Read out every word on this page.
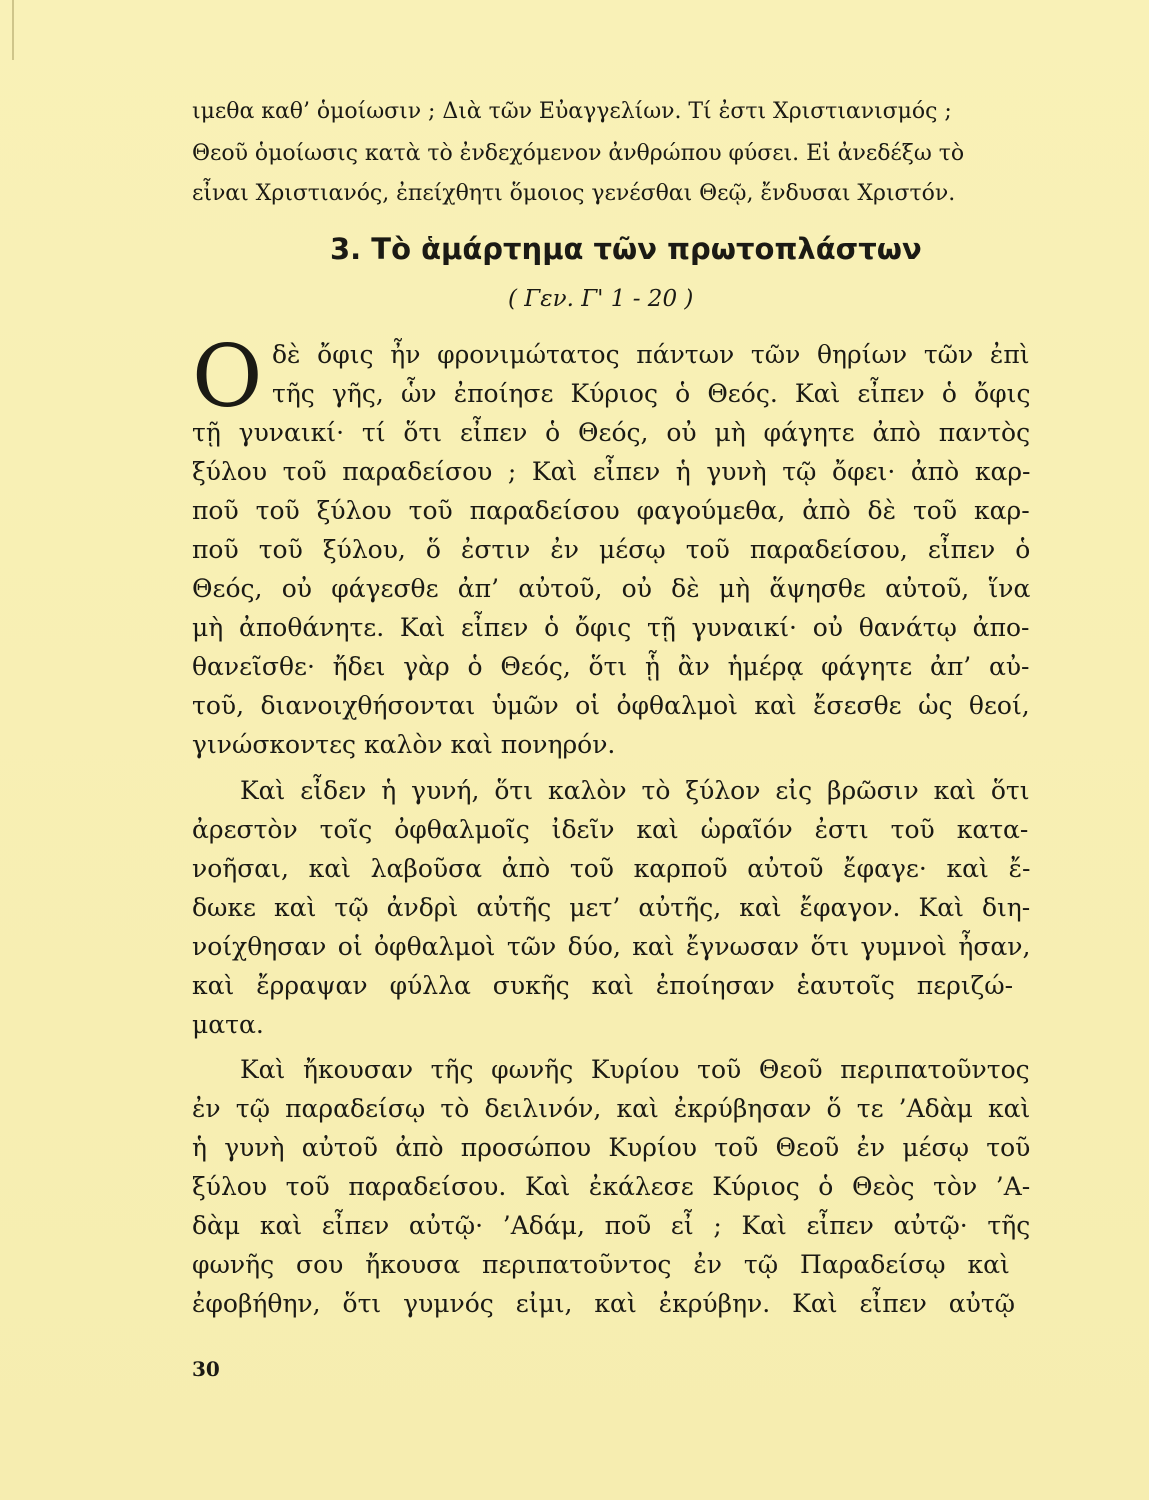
ιμεθα καθ’ ὁμοίωσιν ; Διὰ τῶν Εὐαγγελίων. Τί ἐστι Χριστιανισμός ;
Θεοῦ ὁμοίωσις κατὰ τὸ ἐνδεχόμενον ἀνθρώπου φύσει. Εἰ ἀνεδέξω τὸ
εἶναι Χριστιανός, ἐπείχθητι ὅμοιος γενέσθαι Θεῷ, ἔνδυσαι Χριστόν.
3. Τὸ ἁμάρτημα τῶν πρωτοπλάστων
( Γεν. Γ' 1 - 20 )
Ο δὲ ὄφις ἦν φρονιμώτατος πάντων τῶν θηρίων τῶν ἐπὶ
τῆς γῆς, ὧν ἐποίησε Κύριος ὁ Θεός. Καὶ εἶπεν ὁ ὄφις
τῇ γυναικί· τί ὅτι εἶπεν ὁ Θεός, οὐ μὴ φάγητε ἀπὸ παντὸς
ξύλου τοῦ παραδείσου ; Καὶ εἶπεν ἡ γυνὴ τῷ ὄφει· ἀπὸ καρ-
ποῦ τοῦ ξύλου τοῦ παραδείσου φαγούμεθα, ἀπὸ δὲ τοῦ καρ-
ποῦ τοῦ ξύλου, ὅ ἐστιν ἐν μέσῳ τοῦ παραδείσου, εἶπεν ὁ
Θεός, οὐ φάγεσθε ἀπ’ αὐτοῦ, οὐ δὲ μὴ ἅψησθε αὐτοῦ, ἵνα
μὴ ἀποθάνητε. Καὶ εἶπεν ὁ ὄφις τῇ γυναικί· οὐ θανάτῳ ἀπο-
θανεῖσθε· ἤδει γὰρ ὁ Θεός, ὅτι ᾗ ἂν ἡμέρᾳ φάγητε ἀπ’ αὐ-
τοῦ, διανοιχθήσονται ὑμῶν οἱ ὀφθαλμοὶ καὶ ἔσεσθε ὡς θεοί,
γινώσκοντες καλὸν καὶ πονηρόν.
Καὶ εἶδεν ἡ γυνή, ὅτι καλὸν τὸ ξύλον εἰς βρῶσιν καὶ ὅτι
ἀρεστὸν τοῖς ὀφθαλμοῖς ἰδεῖν καὶ ὡραῖόν ἐστι τοῦ κατα-
νοῆσαι, καὶ λαβοῦσα ἀπὸ τοῦ καρποῦ αὐτοῦ ἔφαγε· καὶ ἔ-
δωκε καὶ τῷ ἀνδρὶ αὐτῆς μετ’ αὐτῆς, καὶ ἔφαγον. Καὶ διη-
νοίχθησαν οἱ ὀφθαλμοὶ τῶν δύο, καὶ ἔγνωσαν ὅτι γυμνοὶ ἦσαν,
καὶ ἔρραψαν φύλλα συκῆς καὶ ἐποίησαν ἑαυτοῖς περιζώ-
ματα.
Καὶ ἤκουσαν τῆς φωνῆς Κυρίου τοῦ Θεοῦ περιπατοῦντος
ἐν τῷ παραδείσῳ τὸ δειλινόν, καὶ ἐκρύβησαν ὅ τε ’Αδὰμ καὶ
ἡ γυνὴ αὐτοῦ ἀπὸ προσώπου Κυρίου τοῦ Θεοῦ ἐν μέσῳ τοῦ
ξύλου τοῦ παραδείσου. Καὶ ἐκάλεσε Κύριος ὁ Θεὸς τὸν ’Α-
δὰμ καὶ εἶπεν αὐτῷ· ’Αδάμ, ποῦ εἶ ; Καὶ εἶπεν αὐτῷ· τῆς
φωνῆς σου ἤκουσα περιπατοῦντος ἐν τῷ Παραδείσῳ καὶ
ἐφοβήθην, ὅτι γυμνός εἰμι, καὶ ἐκρύβην. Καὶ εἶπεν αὐτῷ
30
